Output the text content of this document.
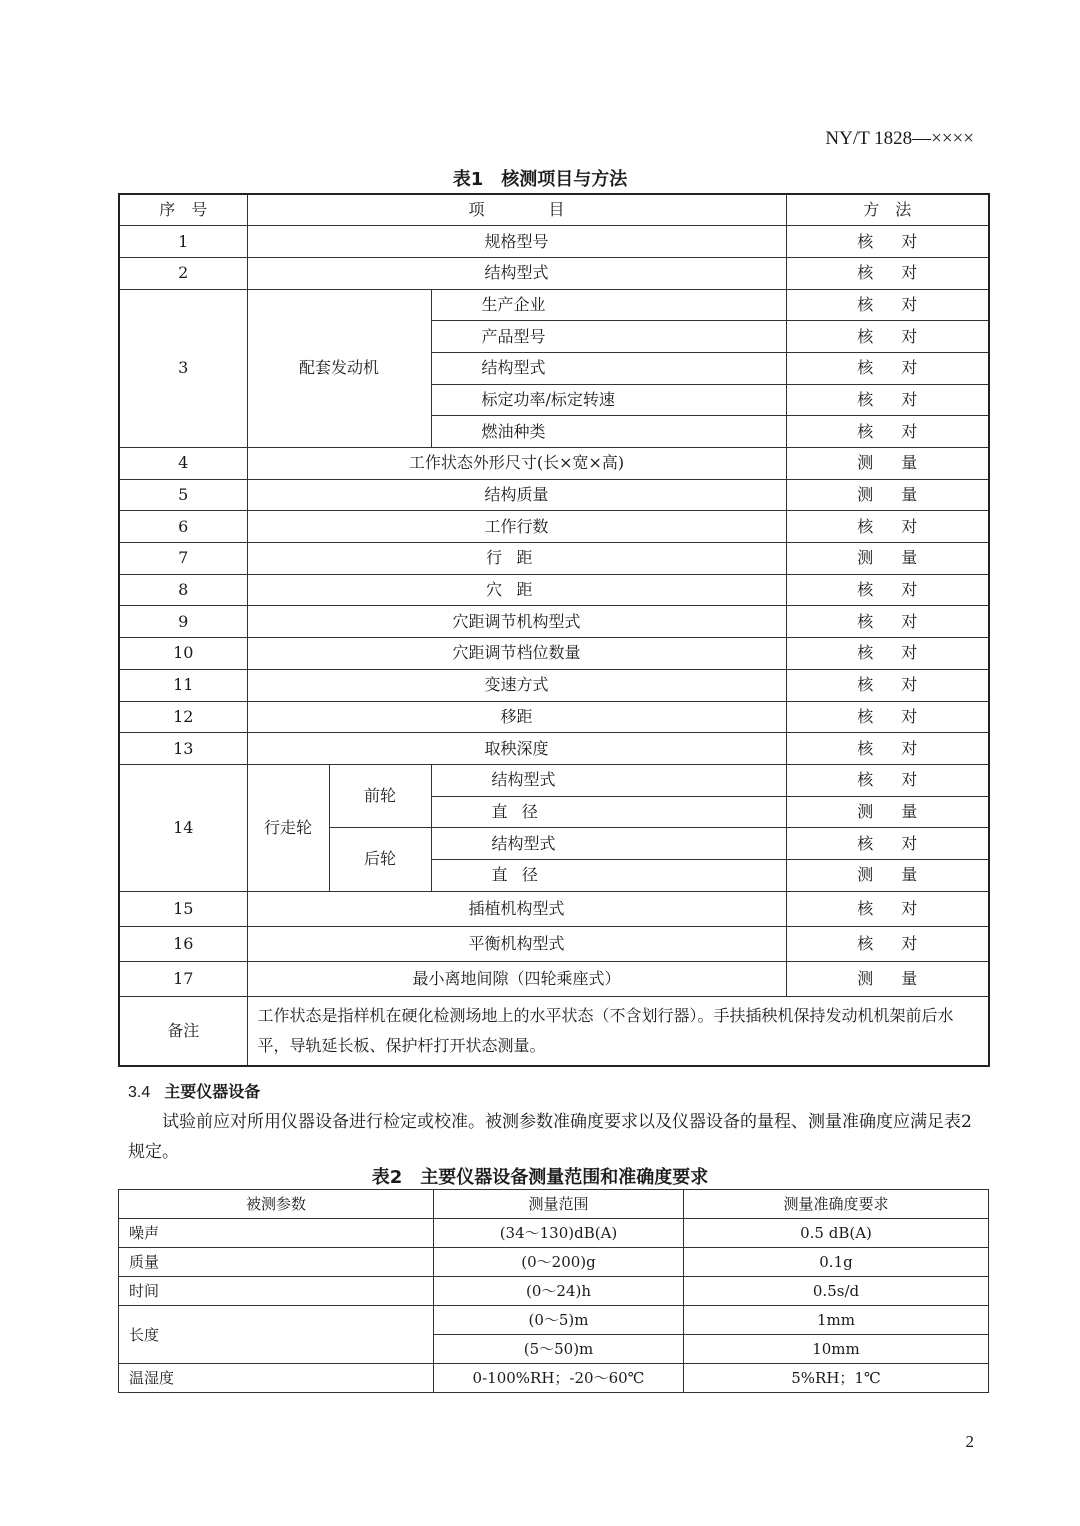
NY/T 1828—××××
表1　核测项目与方法
序　号	项　　　　目			方　法
1	规格型号			核 对
2	结构型式			核 对
3	配套发动机		生产企业	核 对
			产品型号	核 对
			结构型式	核 对
			标定功率/标定转速	核 对
			燃油种类	核 对
4	工作状态外形尺寸(长×宽×高)			测 量
5	结构质量			测 量
6	工作行数			核 对
7	行距			测 量
8	穴距			核 对
9	穴距调节机构型式			核 对
10	穴距调节档位数量			核 对
11	变速方式			核 对
12	移距			核 对
13	取秧深度			核 对
14	行走轮	前轮	结构型式	核 对
			直径	测 量
		后轮	结构型式	核 对
			直径	测 量
15	插植机构型式			核 对
16	平衡机构型式			核 对
17	最小离地间隙（四轮乘座式）			测 量
备注	工作状态是指样机在硬化检测场地上的水平状态（不含划行器）。手扶插秧机保持发动机机架前后水平，导轨延长板、保护杆打开状态测量。			
3.4 主要仪器设备
试验前应对所用仪器设备进行检定或校准。被测参数准确度要求以及仪器设备的量程、测量准确度应满足表2规定。
表2　主要仪器设备测量范围和准确度要求
被测参数	测量范围	测量准确度要求
噪声	(34～130)dB(A)	0.5 dB(A)
质量	(0～200)g	0.1g
时间	(0～24)h	0.5s/d
长度	(0～5)m	1mm
	(5～50)m	10mm
温湿度	0-100%RH；-20～60℃	5%RH；1℃
2
